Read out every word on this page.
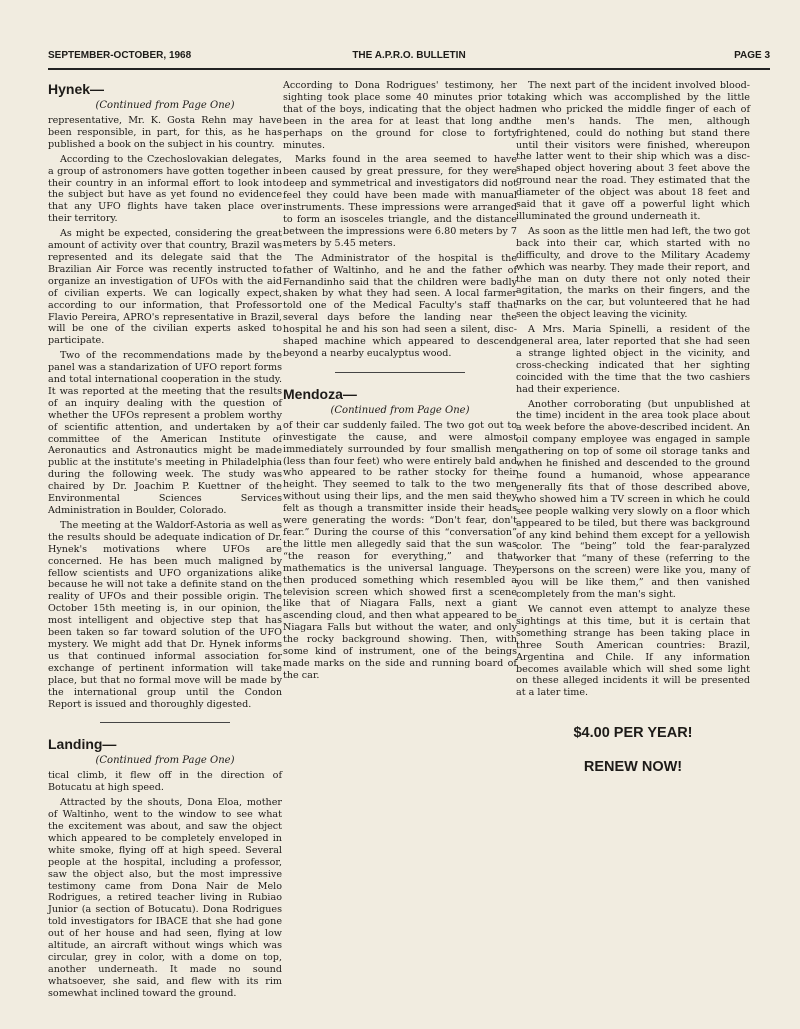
SEPTEMBER-OCTOBER, 1968	THE A.P.R.O. BULLETIN	PAGE 3
Hynek—
(Continued from Page One)

representative, Mr. K. Gosta Rehn may have been responsible, in part, for this, as he has published a book on the subject in his country.

According to the Czechoslovakian delegates, a group of astronomers have gotten together in their country in an informal effort to look into the subject but have as yet found no evidence that any UFO flights have taken place over their territory.

As might be expected, considering the great amount of activity over that country, Brazil was represented and its delegate said that the Brazilian Air Force was recently instructed to organize an investigation of UFOs with the aid of civilian experts. We can logically expect, according to our information, that Professor Flavio Pereira, APRO's representative in Brazil, will be one of the civilian experts asked to participate.

Two of the recommendations made by the panel was a standarization of UFO report forms and total international cooperation in the study. It was reported at the meeting that the results of an inquiry dealing with the question of whether the UFOs represent a problem worthy of scientific attention, and undertaken by a committee of the American Institute of Aeronautics and Astronautics might be made public at the institute's meeting in Philadelphia during the following week. The study was chaired by Dr. Joachim P. Kuettner of the Environmental Sciences Services Administration in Boulder, Colorado.

The meeting at the Waldorf-Astoria as well as the results should be adequate indication of Dr. Hynek's motivations where UFOs are concerned. He has been much maligned by fellow scientists and UFO organizations alike because he will not take a definite stand on the reality of UFOs and their possible origin. The October 15th meeting is, in our opinion, the most intelligent and objective step that has been taken so far toward solution of the UFO mystery. We might add that Dr. Hynek informs us that continued informal association for exchange of pertinent information will take place, but that no formal move will be made by the international group until the Condon Report is issued and thoroughly digested.

Landing—
(Continued from Page One)

tical climb, it flew off in the direction of Botucatu at high speed.

Attracted by the shouts, Dona Eloa, mother of Waltinho, went to the window to see what the excitement was about, and saw the object which appeared to be completely enveloped in white smoke, flying off at high speed. Several people at the hospital, including a professor, saw the object also, but the most impressive testimony came from Dona Nair de Melo Rodrigues, a retired teacher living in Rubiao Junior (a section of Botucatu). Dona Rodrigues told investigators for IBACE that she had gone out of her house and had seen, flying at low altitude, an aircraft without wings which was circular, grey in color, with a dome on top, another underneath. It made no sound whatsoever, she said, and flew with its rim somewhat inclined toward the ground.

According to Dona Rodrigues' testimony, her sighting took place some 40 minutes prior to that of the boys, indicating that the object had been in the area for at least that long and perhaps on the ground for close to forty minutes.

Marks found in the area seemed to have been caused by great pressure, for they were deep and symmetrical and investigators did not feel they could have been made with manual instruments. These impressions were arranged to form an isosceles triangle, and the distance between the impressions were 6.80 meters by 7 meters by 5.45 meters.

The Administrator of the hospital is the father of Waltinho, and he and the father of Fernandinho said that the children were badly shaken by what they had seen. A local farmer told one of the Medical Faculty's staff that several days before the landing near the hospital he and his son had seen a silent, disc-shaped machine which appeared to descend beyond a nearby eucalyptus wood.

Mendoza—
(Continued from Page One)

of their car suddenly failed. The two got out to investigate the cause, and were almost immediately surrounded by four smallish men (less than four feet) who were entirely bald and who appeared to be rather stocky for their height. They seemed to talk to the two men without using their lips, and the men said they felt as though a transmitter inside their heads were generating the words: “Don't fear, don't fear.” During the course of this “conversation” the little men allegedly said that the sun was “the reason for everything,” and that mathematics is the universal language. They then produced something which resembled a television screen which showed first a scene like that of Niagara Falls, next a giant ascending cloud, and then what appeared to be Niagara Falls but without the water, and only the rocky background showing. Then, with some kind of instrument, one of the beings made marks on the side and running board of the car.

The next part of the incident involved blood-taking which was accomplished by the little men who pricked the middle finger of each of the men's hands. The men, although frightened, could do nothing but stand there until their visitors were finished, whereupon the latter went to their ship which was a disc-shaped object hovering about 3 feet above the ground near the road. They estimated that the diameter of the object was about 18 feet and said that it gave off a powerful light which illuminated the ground underneath it.

As soon as the little men had left, the two got back into their car, which started with no difficulty, and drove to the Military Academy which was nearby. They made their report, and the man on duty there not only noted their agitation, the marks on their fingers, and the marks on the car, but volunteered that he had seen the object leaving the vicinity.

A Mrs. Maria Spinelli, a resident of the general area, later reported that she had seen a strange lighted object in the vicinity, and cross-checking indicated that her sighting coincided with the time that the two cashiers had their experience.

Another corroborating (but unpublished at the time) incident in the area took place about a week before the above-described incident. An oil company employee was engaged in sample gathering on top of some oil storage tanks and when he finished and descended to the ground he found a humanoid, whose appearance generally fits that of those described above, who showed him a TV screen in which he could see people walking very slowly on a floor which appeared to be tiled, but there was background of any kind behind them except for a yellowish color. The “being” told the fear-paralyzed worker that “many of these (referring to the persons on the screen) were like you, many of you will be like them,” and then vanished completely from the man's sight.

We cannot even attempt to analyze these sightings at this time, but it is certain that something strange has been taking place in three South American countries: Brazil, Argentina and Chile. If any information becomes available which will shed some light on these alleged incidents it will be presented at a later time.

$4.00 PER YEAR!
RENEW NOW!
